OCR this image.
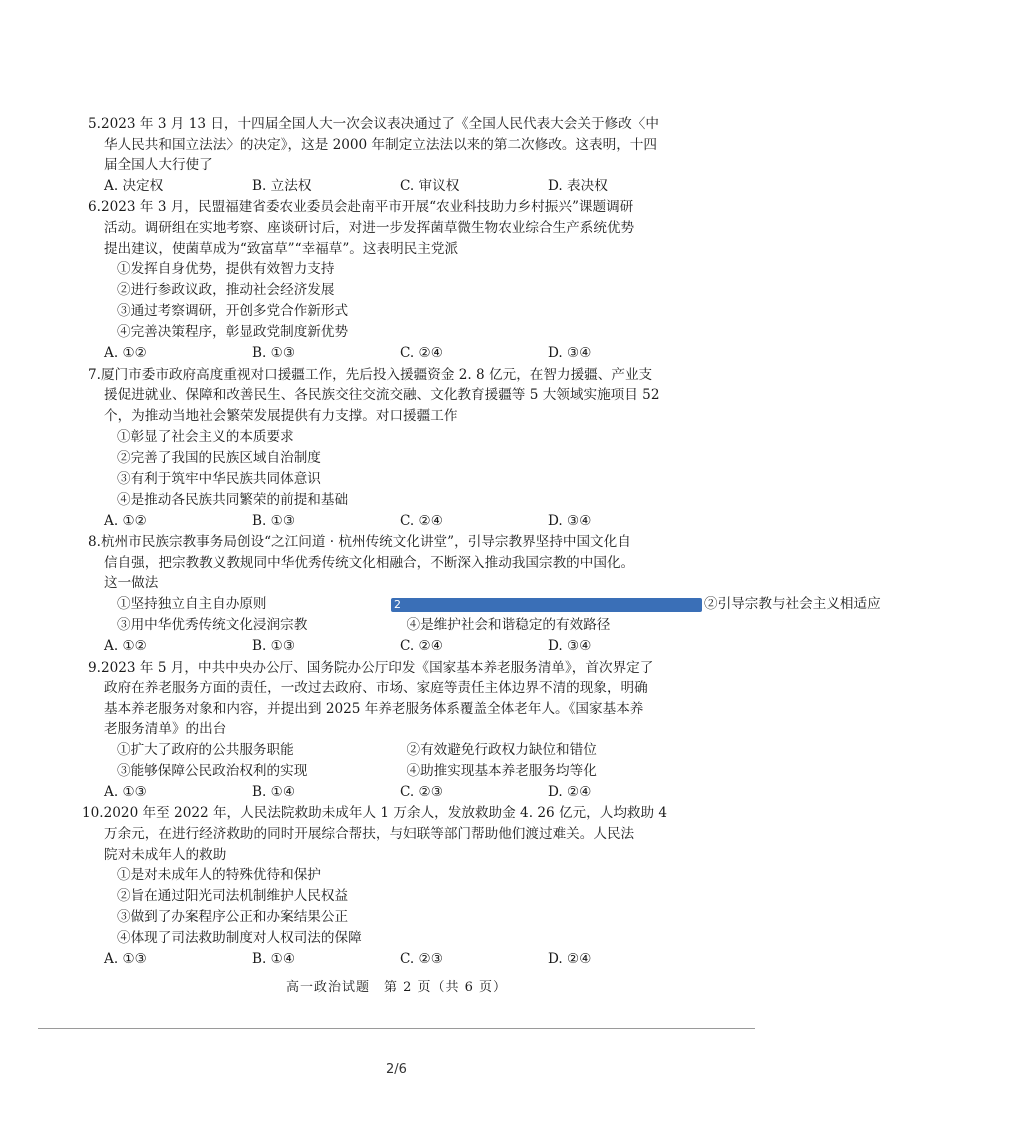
5.2023 年 3 月 13 日，十四届全国人大一次会议表决通过了《全国人民代表大会关于修改〈中
华人民共和国立法法〉的决定》，这是 2000 年制定立法法以来的第二次修改。这表明，十四
届全国人大行使了
A. 决定权	B. 立法权	C. 审议权	D. 表决权
6.2023 年 3 月，民盟福建省委农业委员会赴南平市开展“农业科技助力乡村振兴”课题调研
活动。调研组在实地考察、座谈研讨后，对进一步发挥菌草微生物农业综合生产系统优势
提出建议，使菌草成为“致富草”“幸福草”。这表明民主党派
①发挥自身优势，提供有效智力支持
②进行参政议政，推动社会经济发展
③通过考察调研，开创多党合作新形式
④完善决策程序，彰显政党制度新优势
A. ①②	B. ①③	C. ②④	D. ③④
7.厦门市委市政府高度重视对口援疆工作，先后投入援疆资金 2. 8 亿元，在智力援疆、产业支
援促进就业、保障和改善民生、各民族交往交流交融、文化教育援疆等 5 大领域实施项目 52
个，为推动当地社会繁荣发展提供有力支撑。对口援疆工作
①彰显了社会主义的本质要求
②完善了我国的民族区域自治制度
③有利于筑牢中华民族共同体意识
④是推动各民族共同繁荣的前提和基础
A. ①②	B. ①③	C. ②④	D. ③④
8.杭州市民族宗教事务局创设“之江问道 · 杭州传统文化讲堂”，引导宗教界坚持中国文化自
信自强，把宗教教义教规同中华优秀传统文化相融合，不断深入推动我国宗教的中国化。
这一做法
①坚持独立自主自办原则	2	②引导宗教与社会主义相适应
③用中华优秀传统文化浸润宗教	④是维护社会和谐稳定的有效路径
A. ①②	B. ①③	C. ②④	D. ③④
9.2023 年 5 月，中共中央办公厅、国务院办公厅印发《国家基本养老服务清单》，首次界定了
政府在养老服务方面的责任，一改过去政府、市场、家庭等责任主体边界不清的现象，明确
基本养老服务对象和内容，并提出到 2025 年养老服务体系覆盖全体老年人。《国家基本养
老服务清单》的出台
①扩大了政府的公共服务职能	②有效避免行政权力缺位和错位
③能够保障公民政治权利的实现	④助推实现基本养老服务均等化
A. ①③	B. ①④	C. ②③	D. ②④
10.2020 年至 2022 年，人民法院救助未成年人 1 万余人，发放救助金 4. 26 亿元，人均救助 4
万余元，在进行经济救助的同时开展综合帮扶，与妇联等部门帮助他们渡过难关。人民法
院对未成年人的救助
①是对未成年人的特殊优待和保护
②旨在通过阳光司法机制维护人民权益
③做到了办案程序公正和办案结果公正
④体现了司法救助制度对人权司法的保障
A. ①③	B. ①④	C. ②③	D. ②④
高一政治试题　第 2 页（共 6 页）
2/6
